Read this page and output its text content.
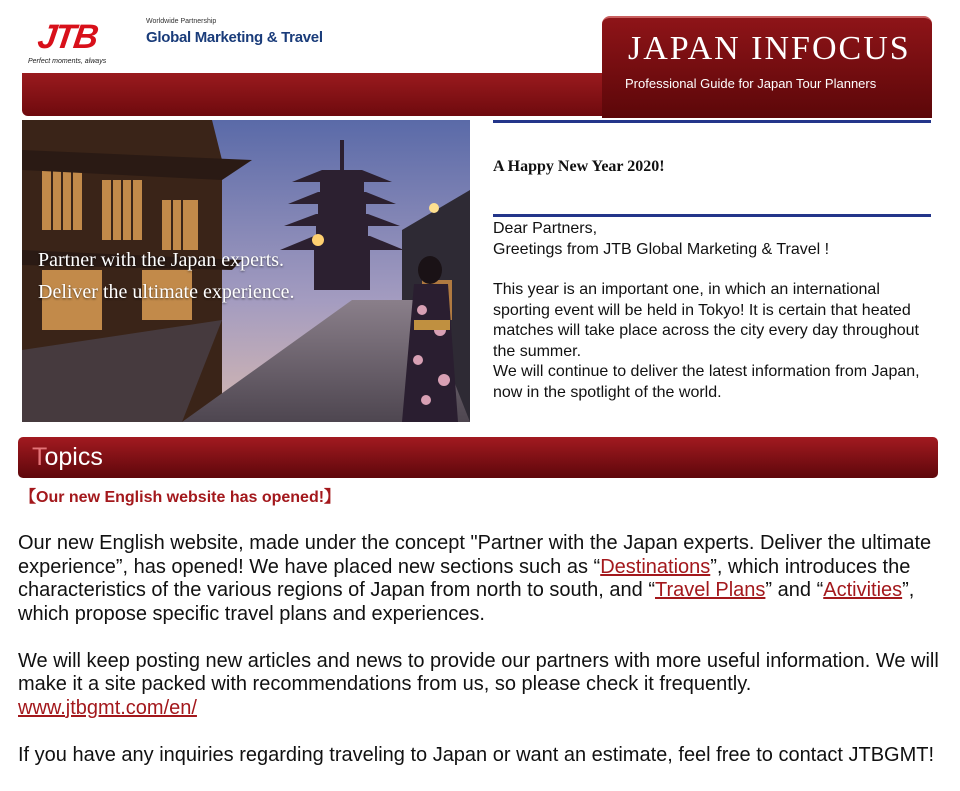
JTB
Perfect moments, always
Worldwide Partnership
Global Marketing & Travel	JAPAN INFOCUS
Professional Guide for Japan Tour Planners
Partner with the Japan experts.
Deliver the ultimate experience.
A Happy New Year 2020!

Dear Partners,

Greetings from JTB Global Marketing & Travel !

This year is an important one, in which an international sporting event will be held in Tokyo! It is certain that heated matches will take place across the city every day throughout the summer.

We will continue to deliver the latest information from Japan, now in the spotlight of the world.

Topics
【Our new English website has opened!】

Our new English website, made under the concept "Partner with the Japan experts. Deliver the ultimate experience”, has opened! We have placed new sections such as “Destinations”, which introduces the characteristics of the various regions of Japan from north to south, and “Travel Plans” and “Activities”, which propose specific travel plans and experiences.

We will keep posting new articles and news to provide our partners with more useful information. We will make it a site packed with recommendations from us, so please check it frequently.

www.jtbgmt.com/en/

If you have any inquiries regarding traveling to Japan or want an estimate, feel free to contact JTBGMT!
